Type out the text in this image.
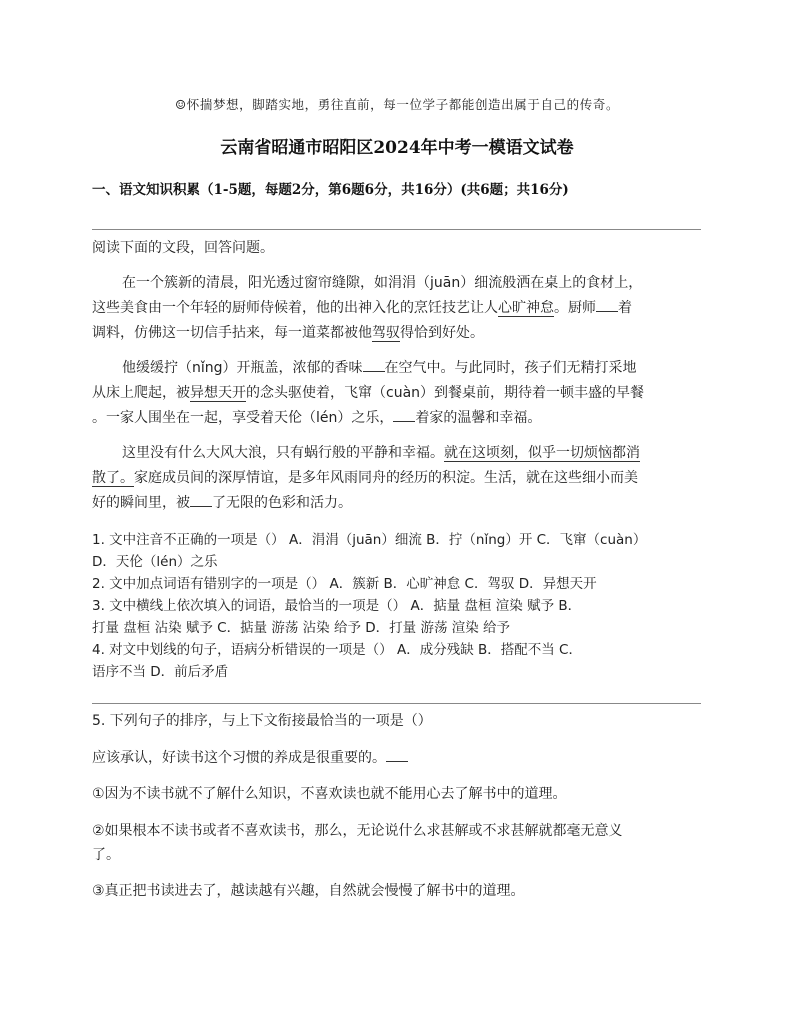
☺怀揣梦想，脚踏实地，勇往直前，每一位学子都能创造出属于自己的传奇。
云南省昭通市昭阳区2024年中考一模语文试卷
一、语文知识积累（1-5题，每题2分，第6题6分，共16分）(共6题；共16分)
阅读下面的文段，回答问题。
在一个簇新的清晨，阳光透过窗帘缝隙，如涓涓（juān）细流般洒在桌上的食材上，
这些美食由一个年轻的厨师侍候着，他的出神入化的烹饪技艺让人心旷神怠。厨师 着
调料，仿佛这一切信手拈来，每一道菜都被他驾驭得恰到好处。
他缓缓拧（nǐng）开瓶盖，浓郁的香味 在空气中。与此同时，孩子们无精打采地
从床上爬起，被异想天开的念头驱使着，飞窜（cuàn）到餐桌前，期待着一顿丰盛的早餐
。一家人围坐在一起，享受着天伦（lén）之乐， 着家的温馨和幸福。
这里没有什么大风大浪，只有蜗行般的平静和幸福。就在这顷刻，似乎一切烦恼都消
散了。家庭成员间的深厚情谊，是多年风雨同舟的经历的积淀。生活，就在这些细小而美
好的瞬间里，被 了无限的色彩和活力。
1. 文中注音不正确的一项是（） A．涓涓（juān）细流 B．拧（nǐng）开 C．飞窜（cuàn）
D．天伦（lén）之乐
2. 文中加点词语有错别字的一项是（） A．簇新 B．心旷神怠 C．驾驭 D．异想天开
3. 文中横线上依次填入的词语，最恰当的一项是（） A．掂量 盘桓 渲染 赋予 B．
打量 盘桓 沾染 赋予 C．掂量 游荡 沾染 给予 D．打量 游荡 渲染 给予
4. 对文中划线的句子，语病分析错误的一项是（） A．成分残缺 B．搭配不当 C．
语序不当 D．前后矛盾
5. 下列句子的排序，与上下文衔接最恰当的一项是（）
应该承认，好读书这个习惯的养成是很重要的。
①因为不读书就不了解什么知识，不喜欢读也就不能用心去了解书中的道理。
②如果根本不读书或者不喜欢读书，那么，无论说什么求甚解或不求甚解就都毫无意义
了。
③真正把书读进去了，越读越有兴趣，自然就会慢慢了解书中的道理。
